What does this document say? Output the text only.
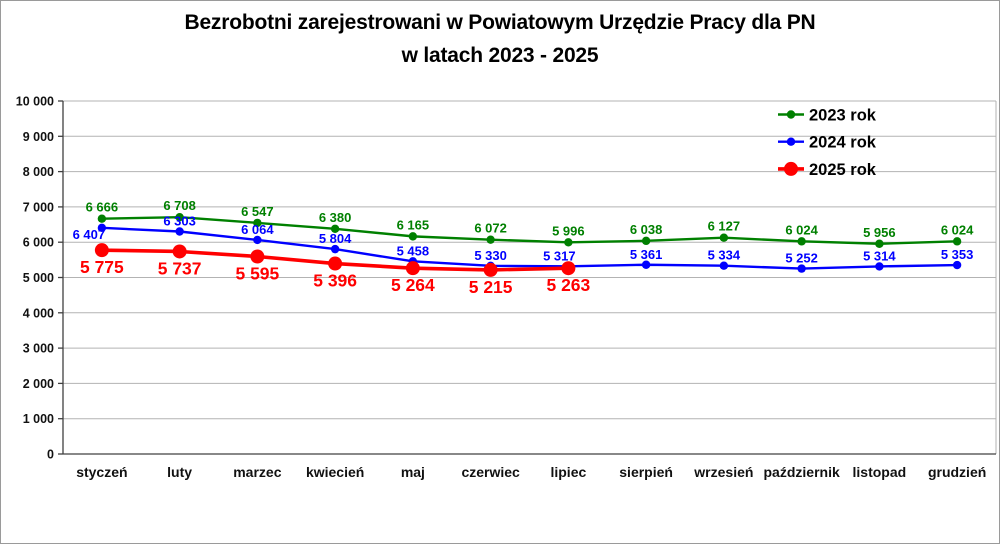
Bezrobotni zarejestrowani w Powiatowym Urzędzie Pracy dla PN
w latach 2023 - 2025
0
1 000
2 000
3 000
4 000
5 000
6 000
7 000
8 000
9 000
10 000
styczeń	luty	marzec kwiecień	maj	czerwiec lipiec sierpień wrzesień październik listopad grudzień
2023 rok
2024 rok
2025 rok
6 666	6 708	6 547	6 380
6 165	6 072	5 996	6 038	6 127	6 024	5 956	6 024
6 407
6 303
6 064
5 804
5 458	5 330	5 317	5 361	5 334	5 252	5 314	5 353
5 775 5 737 5 595 5 396 5 264 5 215 5 263
